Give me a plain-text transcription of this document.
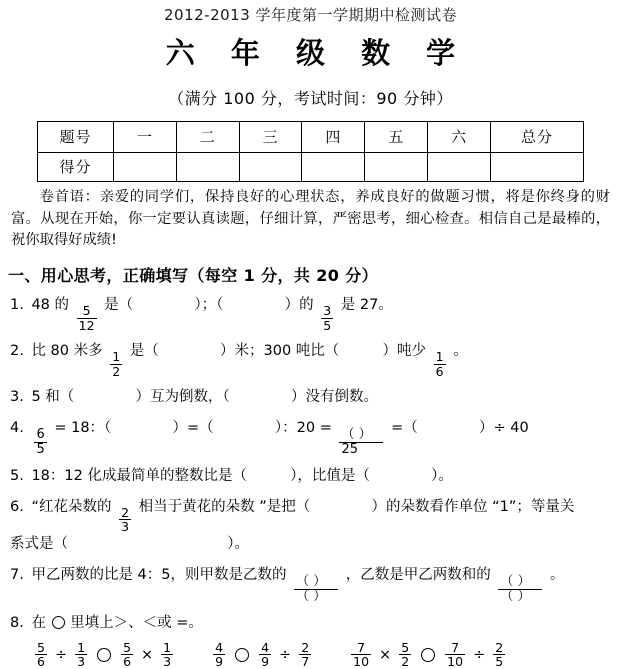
2012-2013 学年度第一学期期中检测试卷
六 年 级 数 学
（满分 100 分，考试时间：90 分钟）
题号	一	二	三	四	五	六	总分
得分							
卷首语：亲爱的同学们，保持良好的心理状态，养成良好的做题习惯，将是你终身的财富。从现在开始，你一定要认真读题，仔细计算，严密思考，细心检查。相信自己是最棒的，祝你取得好成绩!
一、用心思考，正确填写（每空 1 分，共 20 分）
1. 48 的 $\frac{5}{12}$ 是（	）；（	）的 $\frac{3}{5}$ 是 27。
2. 比 80 米多 $\frac{1}{2}$ 是（	）米；300 吨比（	）吨少 $\frac{1}{6}$ 。
3. 5 和（	）互为倒数，（	）没有倒数。
4.
$\frac{6}{5}$
= 18：（	）=（	）：20 =
$\frac{( )}{25}$
=（	）÷ 40
5. 18：12 化成最简单的整数比是（	），比值是（	）。
6. “红花朵数的 $\frac{2}{3}$ 相当于黄花的朵数 ”是把（	）的朵数看作单位 “1”；等量关
系式是（	）。
7. 甲乙两数的比是 4：5，则甲数是乙数的
$\frac{( )}{( )}$
，乙数是甲乙两数和的
$\frac{( )}{( )}$
。
8. 在 里填上＞、＜或 =。
$\frac{5}{6} \div \frac{1}{3}$	$\frac{5}{6} \times \frac{1}{3}$	$\frac{4}{9}$	$\frac{4}{9} \div \frac{2}{7}$	$\frac{7}{10} \times \frac{5}{2}$	$\frac{7}{10} \div \frac{2}{5}$
